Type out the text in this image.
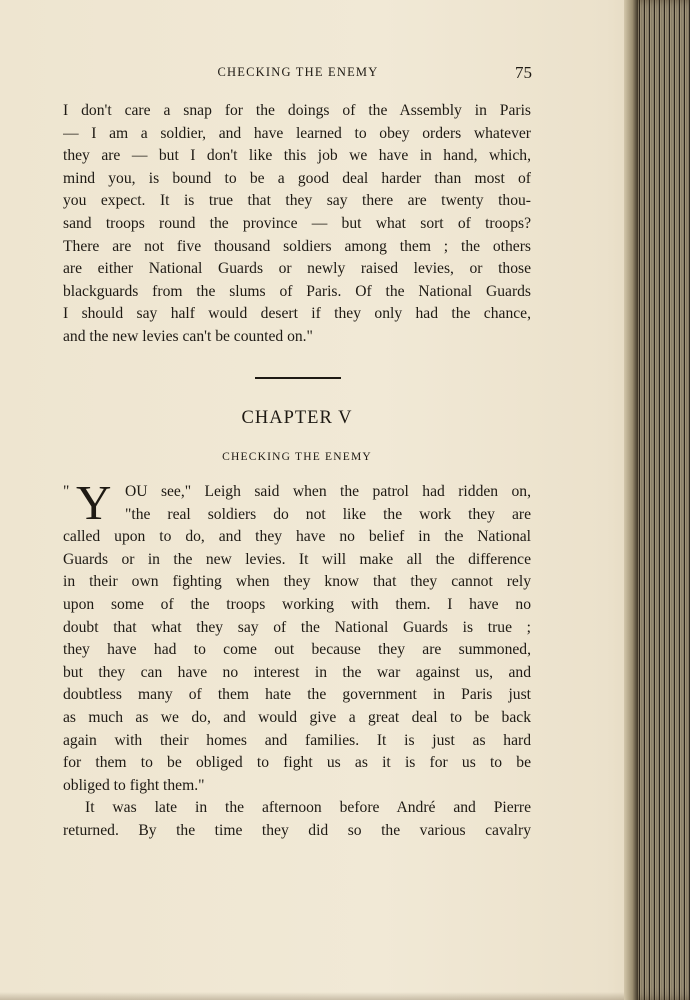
CHECKING THE ENEMY	75
I don't care a snap for the doings of the Assembly in Paris
— I am a soldier, and have learned to obey orders whatever
they are — but I don't like this job we have in hand, which,
mind you, is bound to be a good deal harder than most of
you expect. It is true that they say there are twenty thou-
sand troops round the province — but what sort of troops?
There are not five thousand soldiers among them ; the others
are either National Guards or newly raised levies, or those
blackguards from the slums of Paris. Of the National Guards
I should say half would desert if they only had the chance,
and the new levies can't be counted on."
CHAPTER V
CHECKING THE ENEMY
" Y OU see," Leigh said when the patrol had ridden on,
"the real soldiers do not like the work they are
called upon to do, and they have no belief in the National
Guards or in the new levies. It will make all the difference
in their own fighting when they know that they cannot rely
upon some of the troops working with them. I have no
doubt that what they say of the National Guards is true ;
they have had to come out because they are summoned,
but they can have no interest in the war against us, and
doubtless many of them hate the government in Paris just
as much as we do, and would give a great deal to be back
again with their homes and families. It is just as hard
for them to be obliged to fight us as it is for us to be
obliged to fight them."
It was late in the afternoon before André and Pierre
returned. By the time they did so the various cavalry
